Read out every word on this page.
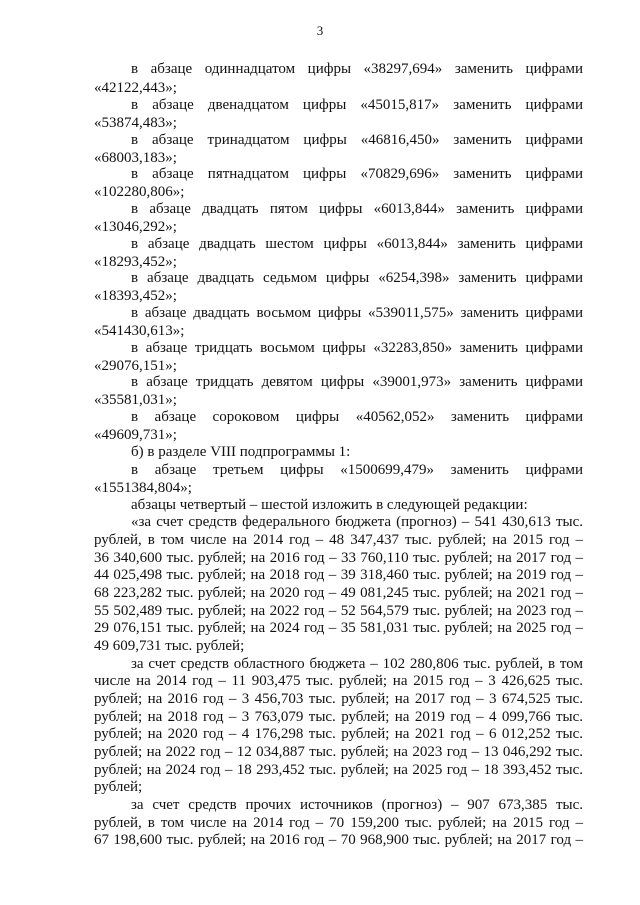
3
в абзаце одиннадцатом цифры «38297,694» заменить цифрами
«42122,443»;
в абзаце двенадцатом цифры «45015,817» заменить цифрами
«53874,483»;
в абзаце тринадцатом цифры «46816,450» заменить цифрами
«68003,183»;
в абзаце пятнадцатом цифры «70829,696» заменить цифрами
«102280,806»;
в абзаце двадцать пятом цифры «6013,844» заменить цифрами
«13046,292»;
в абзаце двадцать шестом цифры «6013,844» заменить цифрами
«18293,452»;
в абзаце двадцать седьмом цифры «6254,398» заменить цифрами
«18393,452»;
в абзаце двадцать восьмом цифры «539011,575» заменить цифрами
«541430,613»;
в абзаце тридцать восьмом цифры «32283,850» заменить цифрами
«29076,151»;
в абзаце тридцать девятом цифры «39001,973» заменить цифрами
«35581,031»;
в абзаце сороковом цифры «40562,052» заменить цифрами
«49609,731»;
б) в разделе VIII подпрограммы 1:
в абзаце третьем цифры «1500699,479» заменить цифрами
«1551384,804»;
абзацы четвертый – шестой изложить в следующей редакции:
«за счет средств федерального бюджета (прогноз) – 541 430,613 тыс.
рублей, в том числе на 2014 год – 48 347,437 тыс. рублей; на 2015 год –
36 340,600 тыс. рублей; на 2016 год – 33 760,110 тыс. рублей; на 2017 год –
44 025,498 тыс. рублей; на 2018 год – 39 318,460 тыс. рублей; на 2019 год –
68 223,282 тыс. рублей; на 2020 год – 49 081,245 тыс. рублей; на 2021 год –
55 502,489 тыс. рублей; на 2022 год – 52 564,579 тыс. рублей; на 2023 год –
29 076,151 тыс. рублей; на 2024 год – 35 581,031 тыс. рублей; на 2025 год –
49 609,731 тыс. рублей;
за счет средств областного бюджета – 102 280,806 тыс. рублей, в том
числе на 2014 год – 11 903,475 тыс. рублей; на 2015 год – 3 426,625 тыс.
рублей; на 2016 год – 3 456,703 тыс. рублей; на 2017 год – 3 674,525 тыс.
рублей; на 2018 год – 3 763,079 тыс. рублей; на 2019 год – 4 099,766 тыс.
рублей; на 2020 год – 4 176,298 тыс. рублей; на 2021 год – 6 012,252 тыс.
рублей; на 2022 год – 12 034,887 тыс. рублей; на 2023 год – 13 046,292 тыс.
рублей; на 2024 год – 18 293,452 тыс. рублей; на 2025 год – 18 393,452 тыс.
рублей;
за счет средств прочих источников (прогноз) – 907 673,385 тыс.
рублей, в том числе на 2014 год – 70 159,200 тыс. рублей; на 2015 год –
67 198,600 тыс. рублей; на 2016 год – 70 968,900 тыс. рублей; на 2017 год –
